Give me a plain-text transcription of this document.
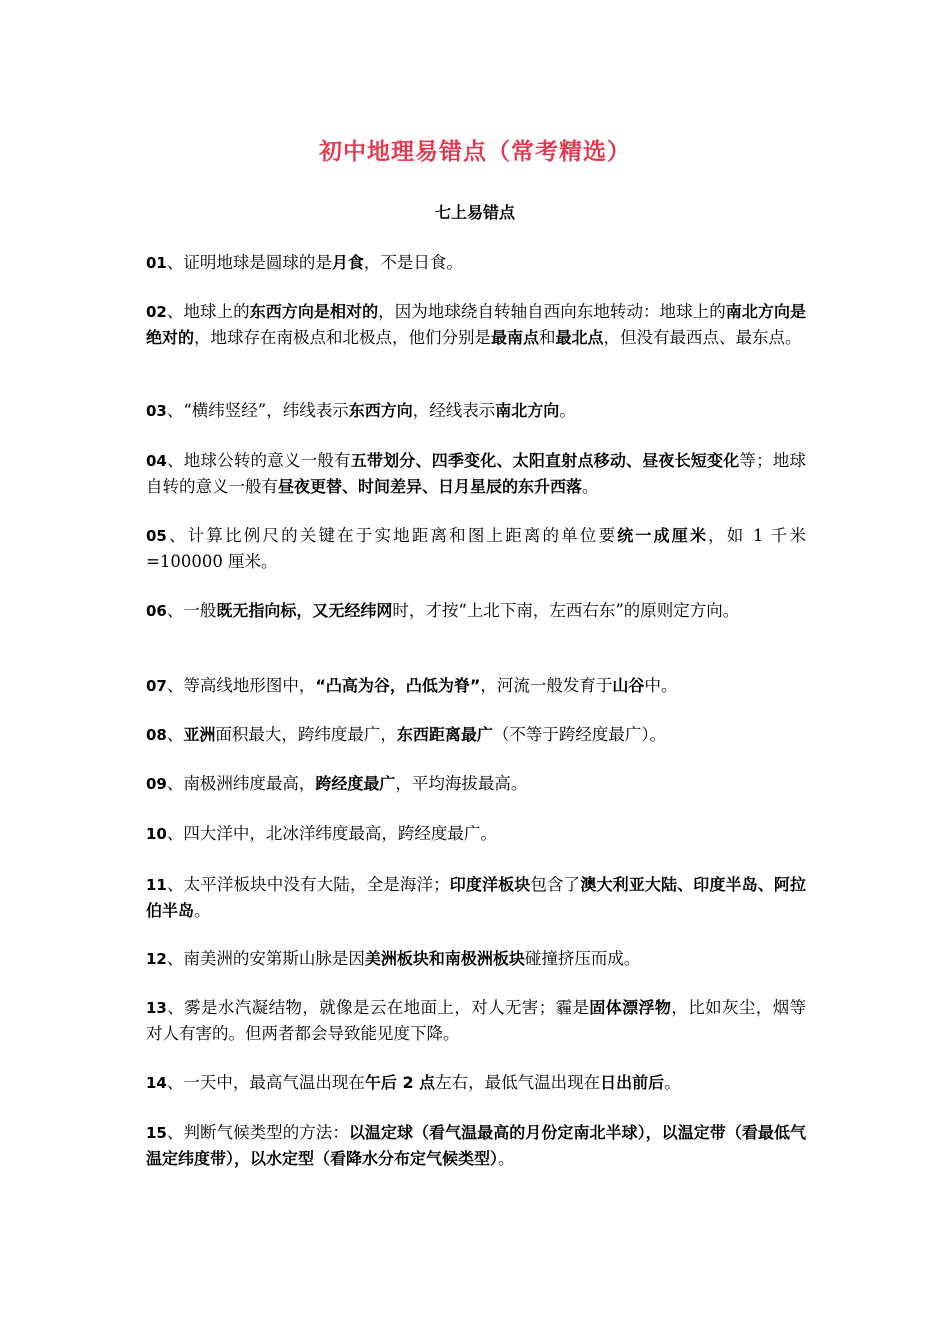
初中地理易错点（常考精选）
七上易错点
01、证明地球是圆球的是月食，不是日食。
02、地球上的东西方向是相对的，因为地球绕自转轴自西向东地转动：地球上的南北方向是绝对的，地球存在南极点和北极点，他们分别是最南点和最北点，但没有最西点、最东点。
03、“横纬竖经”，纬线表示东西方向，经线表示南北方向。
04、地球公转的意义一般有五带划分、四季变化、太阳直射点移动、昼夜长短变化等；地球自转的意义一般有昼夜更替、时间差异、日月星辰的东升西落。
05、计算比例尺的关键在于实地距离和图上距离的单位要统一成厘米，如 1 千米=100000 厘米。
06、一般既无指向标，又无经纬网时，才按“上北下南，左西右东”的原则定方向。
07、等高线地形图中，“凸高为谷，凸低为脊”，河流一般发育于山谷中。
08、亚洲面积最大，跨纬度最广，东西距离最广（不等于跨经度最广）。
09、南极洲纬度最高，跨经度最广，平均海拔最高。
10、四大洋中，北冰洋纬度最高，跨经度最广。
11、太平洋板块中没有大陆，全是海洋；印度洋板块包含了澳大利亚大陆、印度半岛、阿拉伯半岛。
12、南美洲的安第斯山脉是因美洲板块和南极洲板块碰撞挤压而成。
13、雾是水汽凝结物，就像是云在地面上，对人无害；霾是固体漂浮物，比如灰尘，烟等对人有害的。但两者都会导致能见度下降。
14、一天中，最高气温出现在午后 2 点左右，最低气温出现在日出前后。
15、判断气候类型的方法：以温定球（看气温最高的月份定南北半球），以温定带（看最低气温定纬度带），以水定型（看降水分布定气候类型）。
